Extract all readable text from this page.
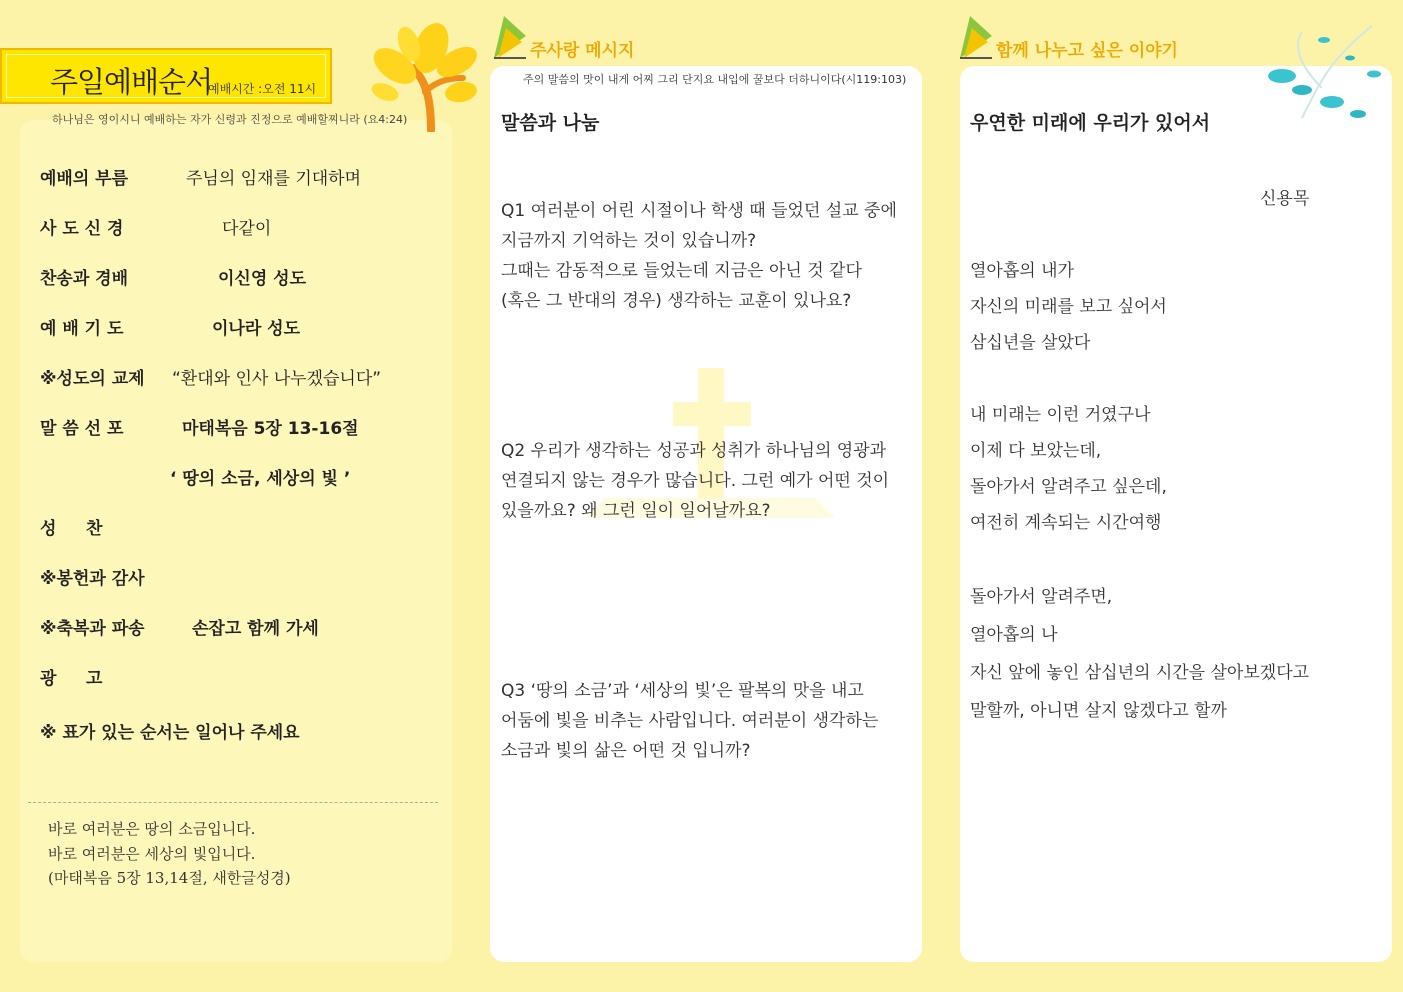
주일예배순서
예배시간 :오전 11시
하나님은 영이시니 예배하는 자가 신령과 진정으로 예배할찌니라 (요4:24)
예배의 부름	주님의 임재를 기대하며
사 도 신 경	다같이
찬송과 경배	이신영 성도
예 배 기 도	이나라 성도
※성도의 교제 “환대와 인사 나누겠습니다”
말 씀 선 포	마태복음 5장 13-16절
‘ 땅의 소금, 세상의 빛 ’
성     찬
※봉헌과 감사
※축복과 파송	손잡고 함께 가세
광     고
※ 표가 있는 순서는 일어나 주세요
바로 여러분은 땅의 소금입니다.
바로 여러분은 세상의 빛입니다.
(마태복음 5장 13,14절, 새한글성경)
주사랑 메시지
주의 말씀의 맛이 내게 어찌 그리 단지요 내입에 꿀보다 더하니이다(시119:103)
말씀과 나눔
Q1 여러분이 어린 시절이나 학생 때 들었던 설교 중에
지금까지 기억하는 것이 있습니까?
그때는 감동적으로 들었는데 지금은 아닌 것 같다
(혹은 그 반대의 경우) 생각하는 교훈이 있나요?
Q2 우리가 생각하는 성공과 성취가 하나님의 영광과
연결되지 않는 경우가 많습니다. 그런 예가 어떤 것이
있을까요? 왜 그런 일이 일어날까요?
Q3 ‘땅의 소금’과 ‘세상의 빛’은 팔복의 맛을 내고
어둠에 빛을 비추는 사람입니다. 여러분이 생각하는
소금과 빛의 삶은 어떤 것 입니까?
함께 나누고 싶은 이야기
우연한 미래에 우리가 있어서
신용목
열아홉의 내가
자신의 미래를 보고 싶어서
삼십년을 살았다
내 미래는 이런 거였구나
이제 다 보았는데,
돌아가서 알려주고 싶은데,
여전히 계속되는 시간여행
돌아가서 알려주면,
열아홉의 나
자신 앞에 놓인 삼십년의 시간을 살아보겠다고
말할까, 아니면 살지 않겠다고 할까
